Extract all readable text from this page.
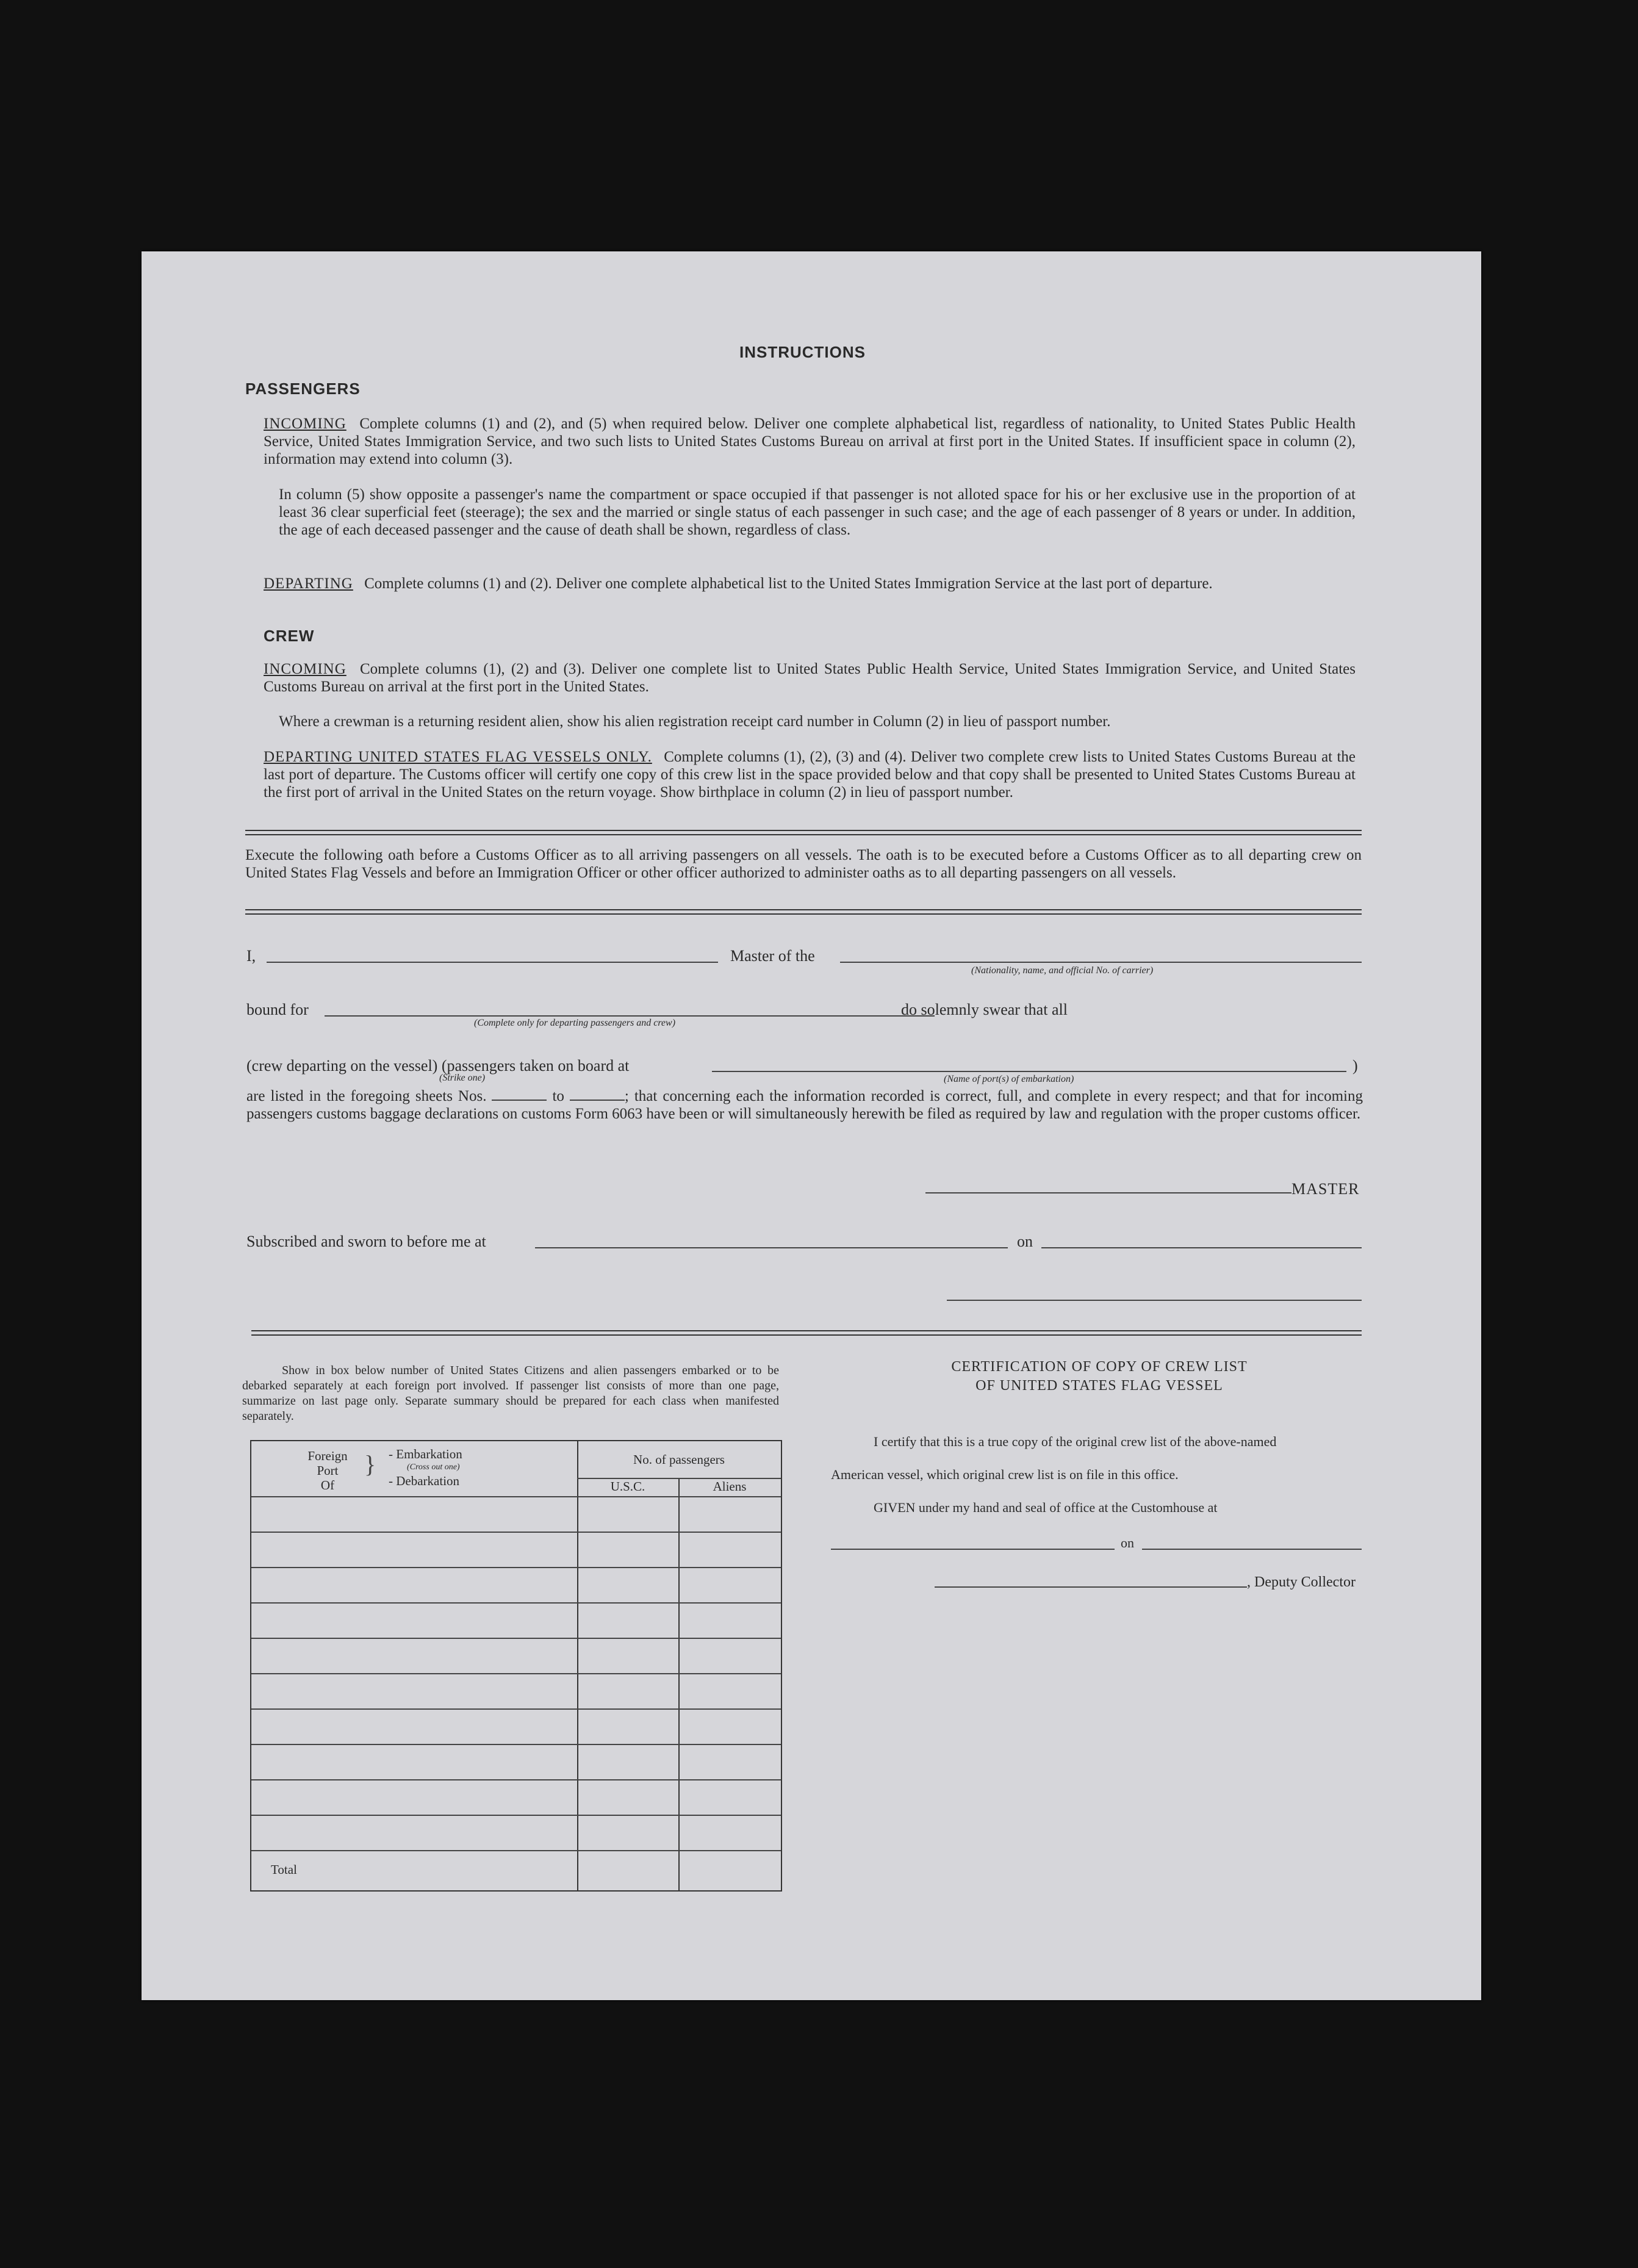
INSTRUCTIONS
PASSENGERS
INCOMING Complete columns (1) and (2), and (5) when required below. Deliver one complete alphabetical list, regardless of nationality, to United States Public Health Service, United States Immigration Service, and two such lists to United States Customs Bureau on arrival at first port in the United States. If insufficient space in column (2), information may extend into column (3).
In column (5) show opposite a passenger's name the compartment or space occupied if that passenger is not alloted space for his or her exclusive use in the proportion of at least 36 clear superficial feet (steerage); the sex and the married or single status of each passenger in such case; and the age of each passenger of 8 years or under. In addition, the age of each deceased passenger and the cause of death shall be shown, regardless of class.
DEPARTING Complete columns (1) and (2). Deliver one complete alphabetical list to the United States Immigration Service at the last port of departure.
CREW
INCOMING Complete columns (1), (2) and (3). Deliver one complete list to United States Public Health Service, United States Immigration Service, and United States Customs Bureau on arrival at the first port in the United States.
Where a crewman is a returning resident alien, show his alien registration receipt card number in Column (2) in lieu of passport number.
DEPARTING UNITED STATES FLAG VESSELS ONLY. Complete columns (1), (2), (3) and (4). Deliver two complete crew lists to United States Customs Bureau at the last port of departure. The Customs officer will certify one copy of this crew list in the space provided below and that copy shall be presented to United States Customs Bureau at the first port of arrival in the United States on the return voyage. Show birthplace in column (2) in lieu of passport number.
Execute the following oath before a Customs Officer as to all arriving passengers on all vessels. The oath is to be executed before a Customs Officer as to all departing crew on United States Flag Vessels and before an Immigration Officer or other officer authorized to administer oaths as to all departing passengers on all vessels.
I,	Master of the
(Nationality, name, and official No. of carrier)
bound for
(Complete only for departing passengers and crew)
do solemnly swear that all
(crew departing on the vessel) (passengers taken on board at
(Strike one)	(Name of port(s) of embarkation)
)
are listed in the foregoing sheets Nos.	to	; that concerning each the information recorded is correct, full, and complete in every respect; and that for incoming passengers customs baggage declarations on customs Form 6063 have been or will simultaneously herewith be filed as required by law and regulation with the proper customs officer.
MASTER
Subscribed and sworn to before me at	on
Show in box below number of United States Citizens and alien passengers embarked or to be debarked separately at each foreign port involved. If passenger list consists of more than one page, summarize on last page only. Separate summary should be prepared for each class when manifested separately.
Foreign
Port
Of
} - Embarkation
(Cross out one)
- Debarkation
No. of passengers
U.S.C.	Aliens
Total
CERTIFICATION OF COPY OF CREW LIST
OF UNITED STATES FLAG VESSEL
I certify that this is a true copy of the original crew list of the above-named
American vessel, which original crew list is on file in this office.
GIVEN under my hand and seal of office at the Customhouse at
on
, Deputy Collector
